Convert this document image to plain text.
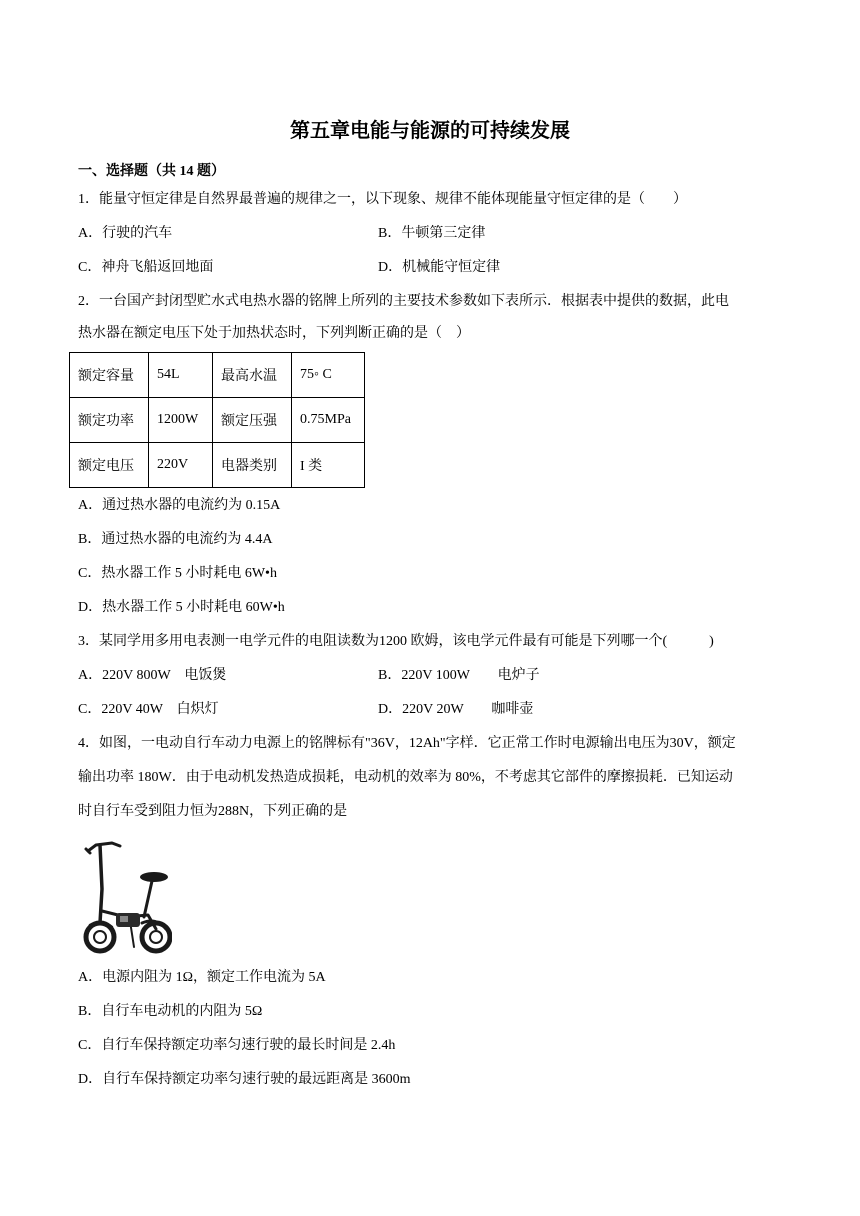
第五章电能与能源的可持续发展
一、选择题（共 14 题）
1．能量守恒定律是自然界最普遍的规律之一，以下现象、规律不能体现能量守恒定律的是（　　）
A．行驶的汽车	B．牛顿第三定律
C．神舟飞船返回地面	D．机械能守恒定律
2．一台国产封闭型贮水式电热水器的铭牌上所列的主要技术参数如下表所示．根据表中提供的数据，此电
热水器在额定电压下处于加热状态时，下列判断正确的是（　）
额定容量	54L	最高水温	75◦ C
额定功率	1200W	额定压强	0.75MPa
额定电压	220V	电器类别	I 类
A．通过热水器的电流约为 0.15A
B．通过热水器的电流约为 4.4A
C．热水器工作 5 小时耗电 6W•h
D．热水器工作 5 小时耗电 60W•h
3．某同学用多用电表测一电学元件的电阻读数为1200 欧姆，该电学元件最有可能是下列哪一个(　　　)
A．220V 800W　电饭煲	B．220V 100W　　电炉子
C．220V 40W　白炽灯	D．220V 20W　　咖啡壶
4．如图，一电动自行车动力电源上的铭牌标有"36V，12Ah"字样．它正常工作时电源输出电压为30V，额定
输出功率 180W．由于电动机发热造成损耗，电动机的效率为 80%，不考虑其它部件的摩擦损耗．已知运动
时自行车受到阻力恒为288N，下列正确的是
A．电源内阻为 1Ω，额定工作电流为 5A
B．自行车电动机的内阻为 5Ω
C．自行车保持额定功率匀速行驶的最长时间是 2.4h
D．自行车保持额定功率匀速行驶的最远距离是 3600m
